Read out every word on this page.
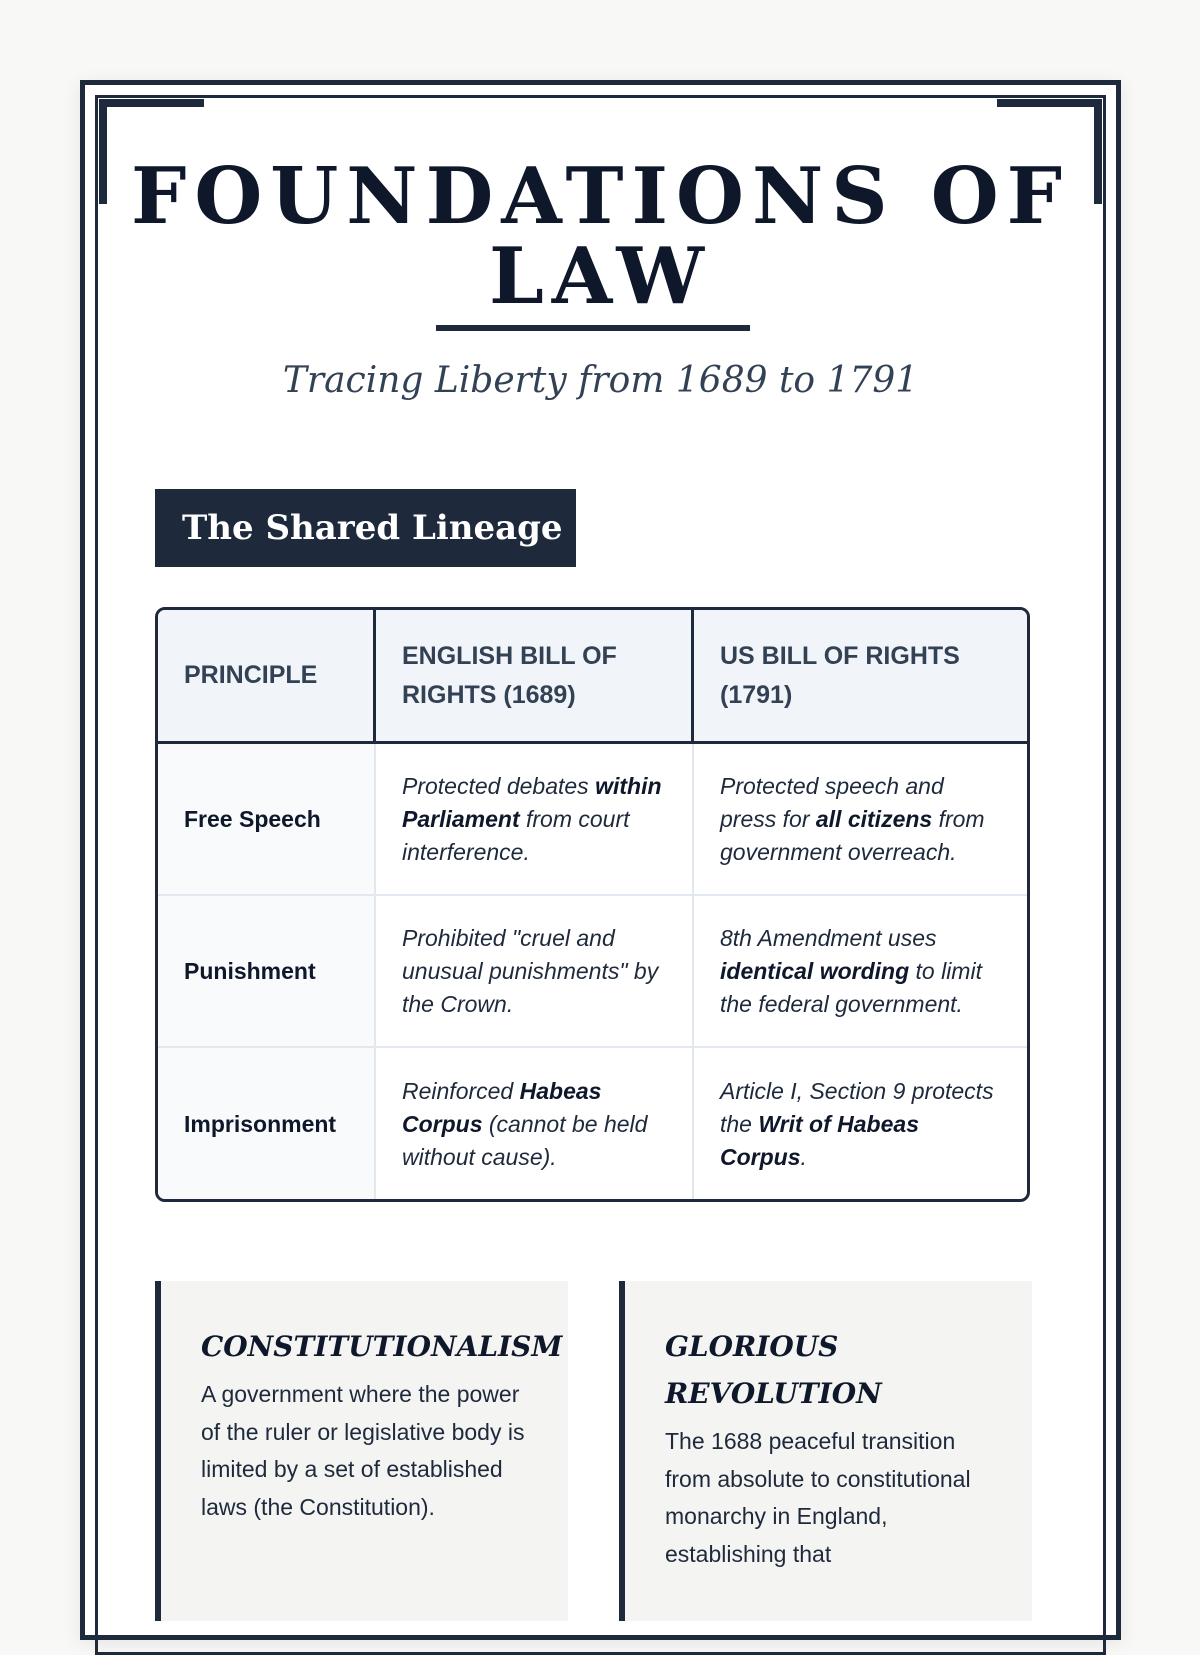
FOUNDATIONS OF LAW
Tracing Liberty from 1689 to 1791
The Shared Lineage
PRINCIPLE
ENGLISH BILL OF RIGHTS (1689)
US BILL OF RIGHTS (1791)
Free Speech
Protected debates within Parliament from court interference.
Protected speech and press for all citizens from government overreach.
Punishment
Prohibited "cruel and unusual punishments" by the Crown.
8th Amendment uses identical wording to limit the federal government.
Imprisonment
Reinforced Habeas Corpus (cannot be held without cause).
Article I, Section 9 protects the Writ of Habeas Corpus.
CONSTITUTIONALISM
A government where the power of the ruler or legislative body is limited by a set of established laws (the Constitution).
GLORIOUS REVOLUTION
The 1688 peaceful transition from absolute to constitutional monarchy in England, establishing that
